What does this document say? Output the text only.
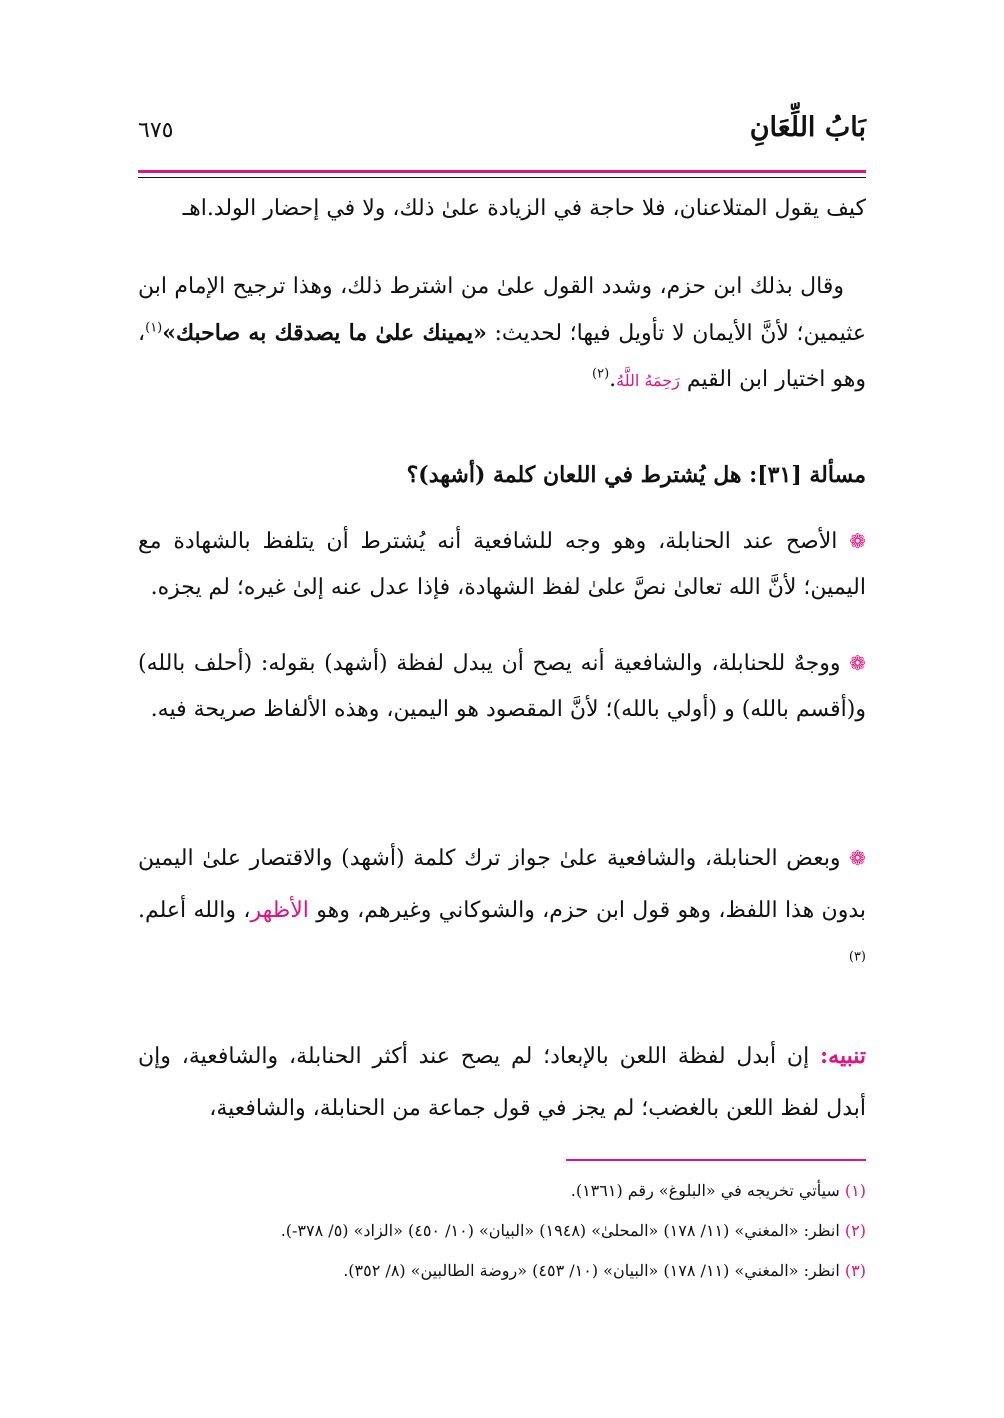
بَابُ اللِّعَانِ
٦٧٥

كيف يقول المتلاعنان، فلا حاجة في الزيادة علىٰ ذلك، ولا في إحضار الولد.اهـ

وقال بذلك ابن حزم، وشدد القول علىٰ من اشترط ذلك، وهذا ترجيح الإمام ابن عثيمين؛ لأنَّ الأيمان لا تأويل فيها؛ لحديث: «يمينك علىٰ ما يصدقك به صاحبك»$^{(١)}$، وهو اختيار ابن القيم رَحِمَهُ اللَّهُ.$^{(٢)}$

مسألة [٣١]: هل يُشترط في اللعان كلمة (أشهد)؟

❁ الأصح عند الحنابلة، وهو وجه للشافعية أنه يُشترط أن يتلفظ بالشهادة مع اليمين؛ لأنَّ الله تعالىٰ نصَّ علىٰ لفظ الشهادة، فإذا عدل عنه إلىٰ غيره؛ لم يجزه.

❁ ووجهٌ للحنابلة، والشافعية أنه يصح أن يبدل لفظة (أشهد) بقوله: (أحلف بالله) و(أقسم بالله) و (أولي بالله)؛ لأنَّ المقصود هو اليمين، وهذه الألفاظ صريحة فيه.

❁ وبعض الحنابلة، والشافعية علىٰ جواز ترك كلمة (أشهد) والاقتصار علىٰ اليمين بدون هذا اللفظ، وهو قول ابن حزم، والشوكاني وغيرهم، وهو الأظهر، والله أعلم.$^{(٣)}$

تنبيه: إن أبدل لفظة اللعن بالإبعاد؛ لم يصح عند أكثر الحنابلة، والشافعية، وإن أبدل لفظ اللعن بالغضب؛ لم يجز في قول جماعة من الحنابلة، والشافعية،

(١) سيأتي تخريجه في «البلوغ» رقم (١٣٦١).

(٢) انظر: «المغني» (١١/ ١٧٨) «المحلىٰ» (١٩٤٨) «البيان» (١٠/ ٤٥٠) «الزاد» (٥/ ٣٧٨-).

(٣) انظر: «المغني» (١١/ ١٧٨) «البيان» (١٠/ ٤٥٣) «روضة الطالبين» (٨/ ٣٥٢).
